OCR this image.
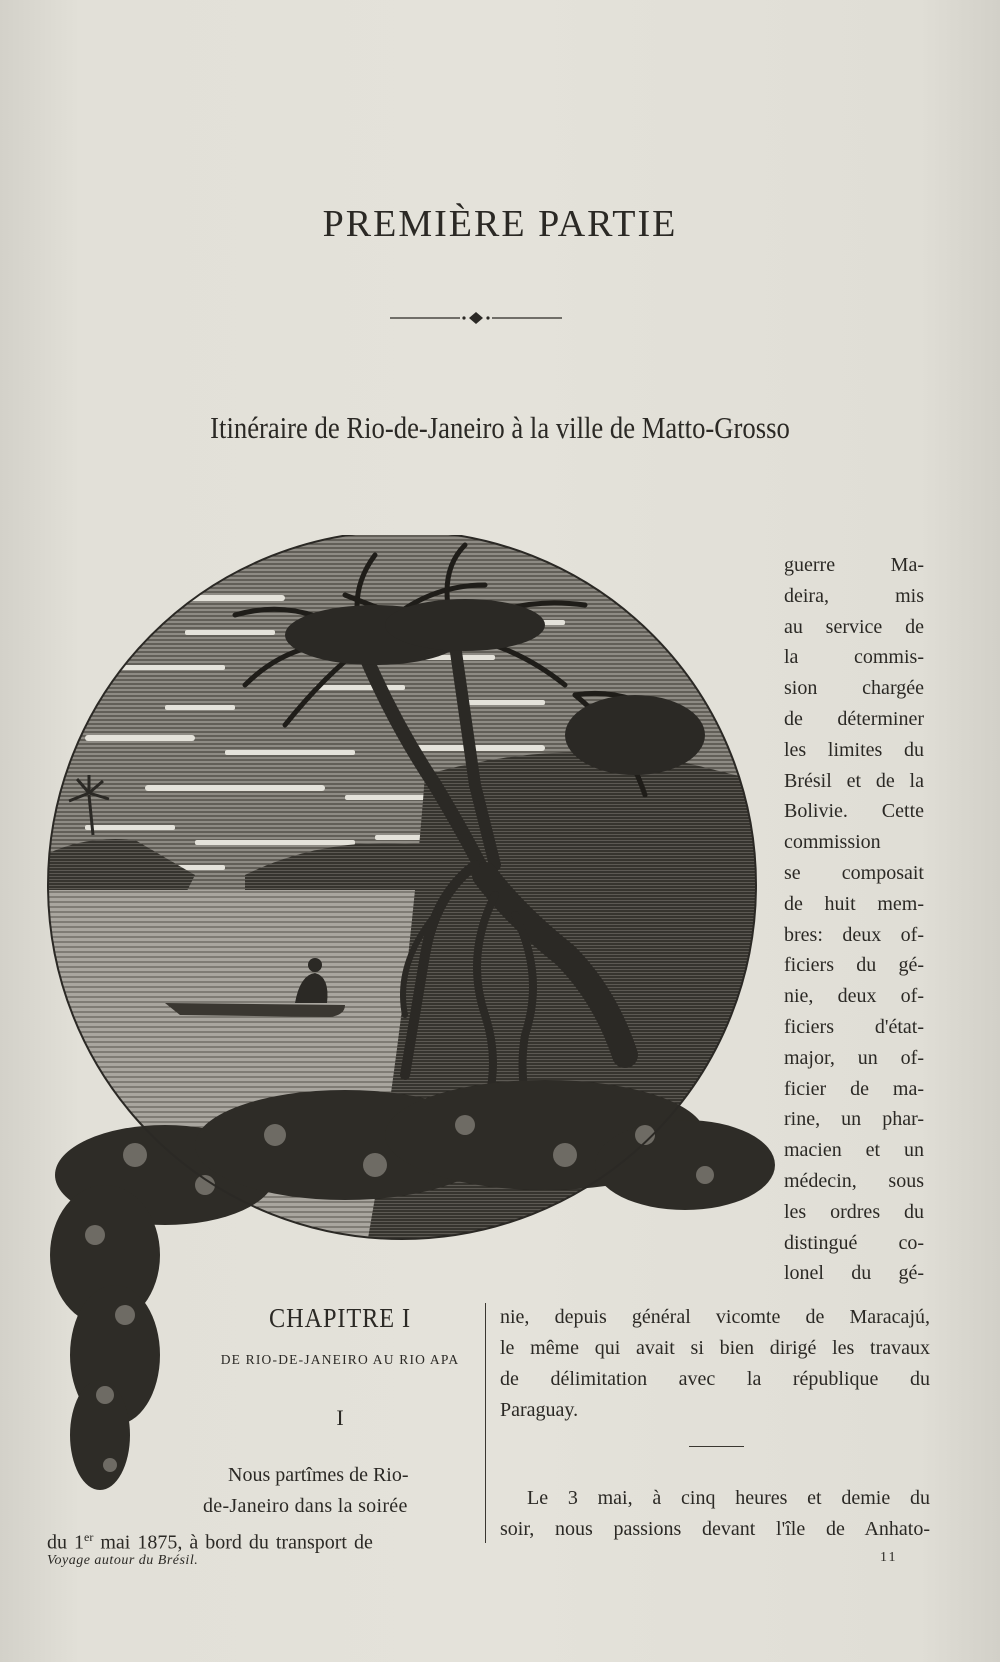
PREMIÈRE PARTIE
Itinéraire de Rio-de-Janeiro à la ville de Matto-Grosso
guerre Ma-
deira, mis
au service de
la commis-
sion chargée
de déterminer
les limites du
Brésil et de la
Bolivie. Cette
commission
se composait
de huit mem-
bres: deux of-
ficiers du gé-
nie, deux of-
ficiers d'état-
major, un of-
ficier de ma-
rine, un phar-
macien et un
médecin, sous
les ordres du
distingué co-
lonel du gé-
CHAPITRE I
DE RIO-DE-JANEIRO AU RIO APA
I
Nous partîmes de Rio-
de-Janeiro dans la soirée
du 1er mai 1875, à bord du transport de
nie, depuis général vicomte de Maracajú,
le même qui avait si bien dirigé les travaux
de délimitation avec la république du
Paraguay.
Le 3 mai, à cinq heures et demie du
soir, nous passions devant l'île de Anhato-
Voyage autour du Brésil.	11
